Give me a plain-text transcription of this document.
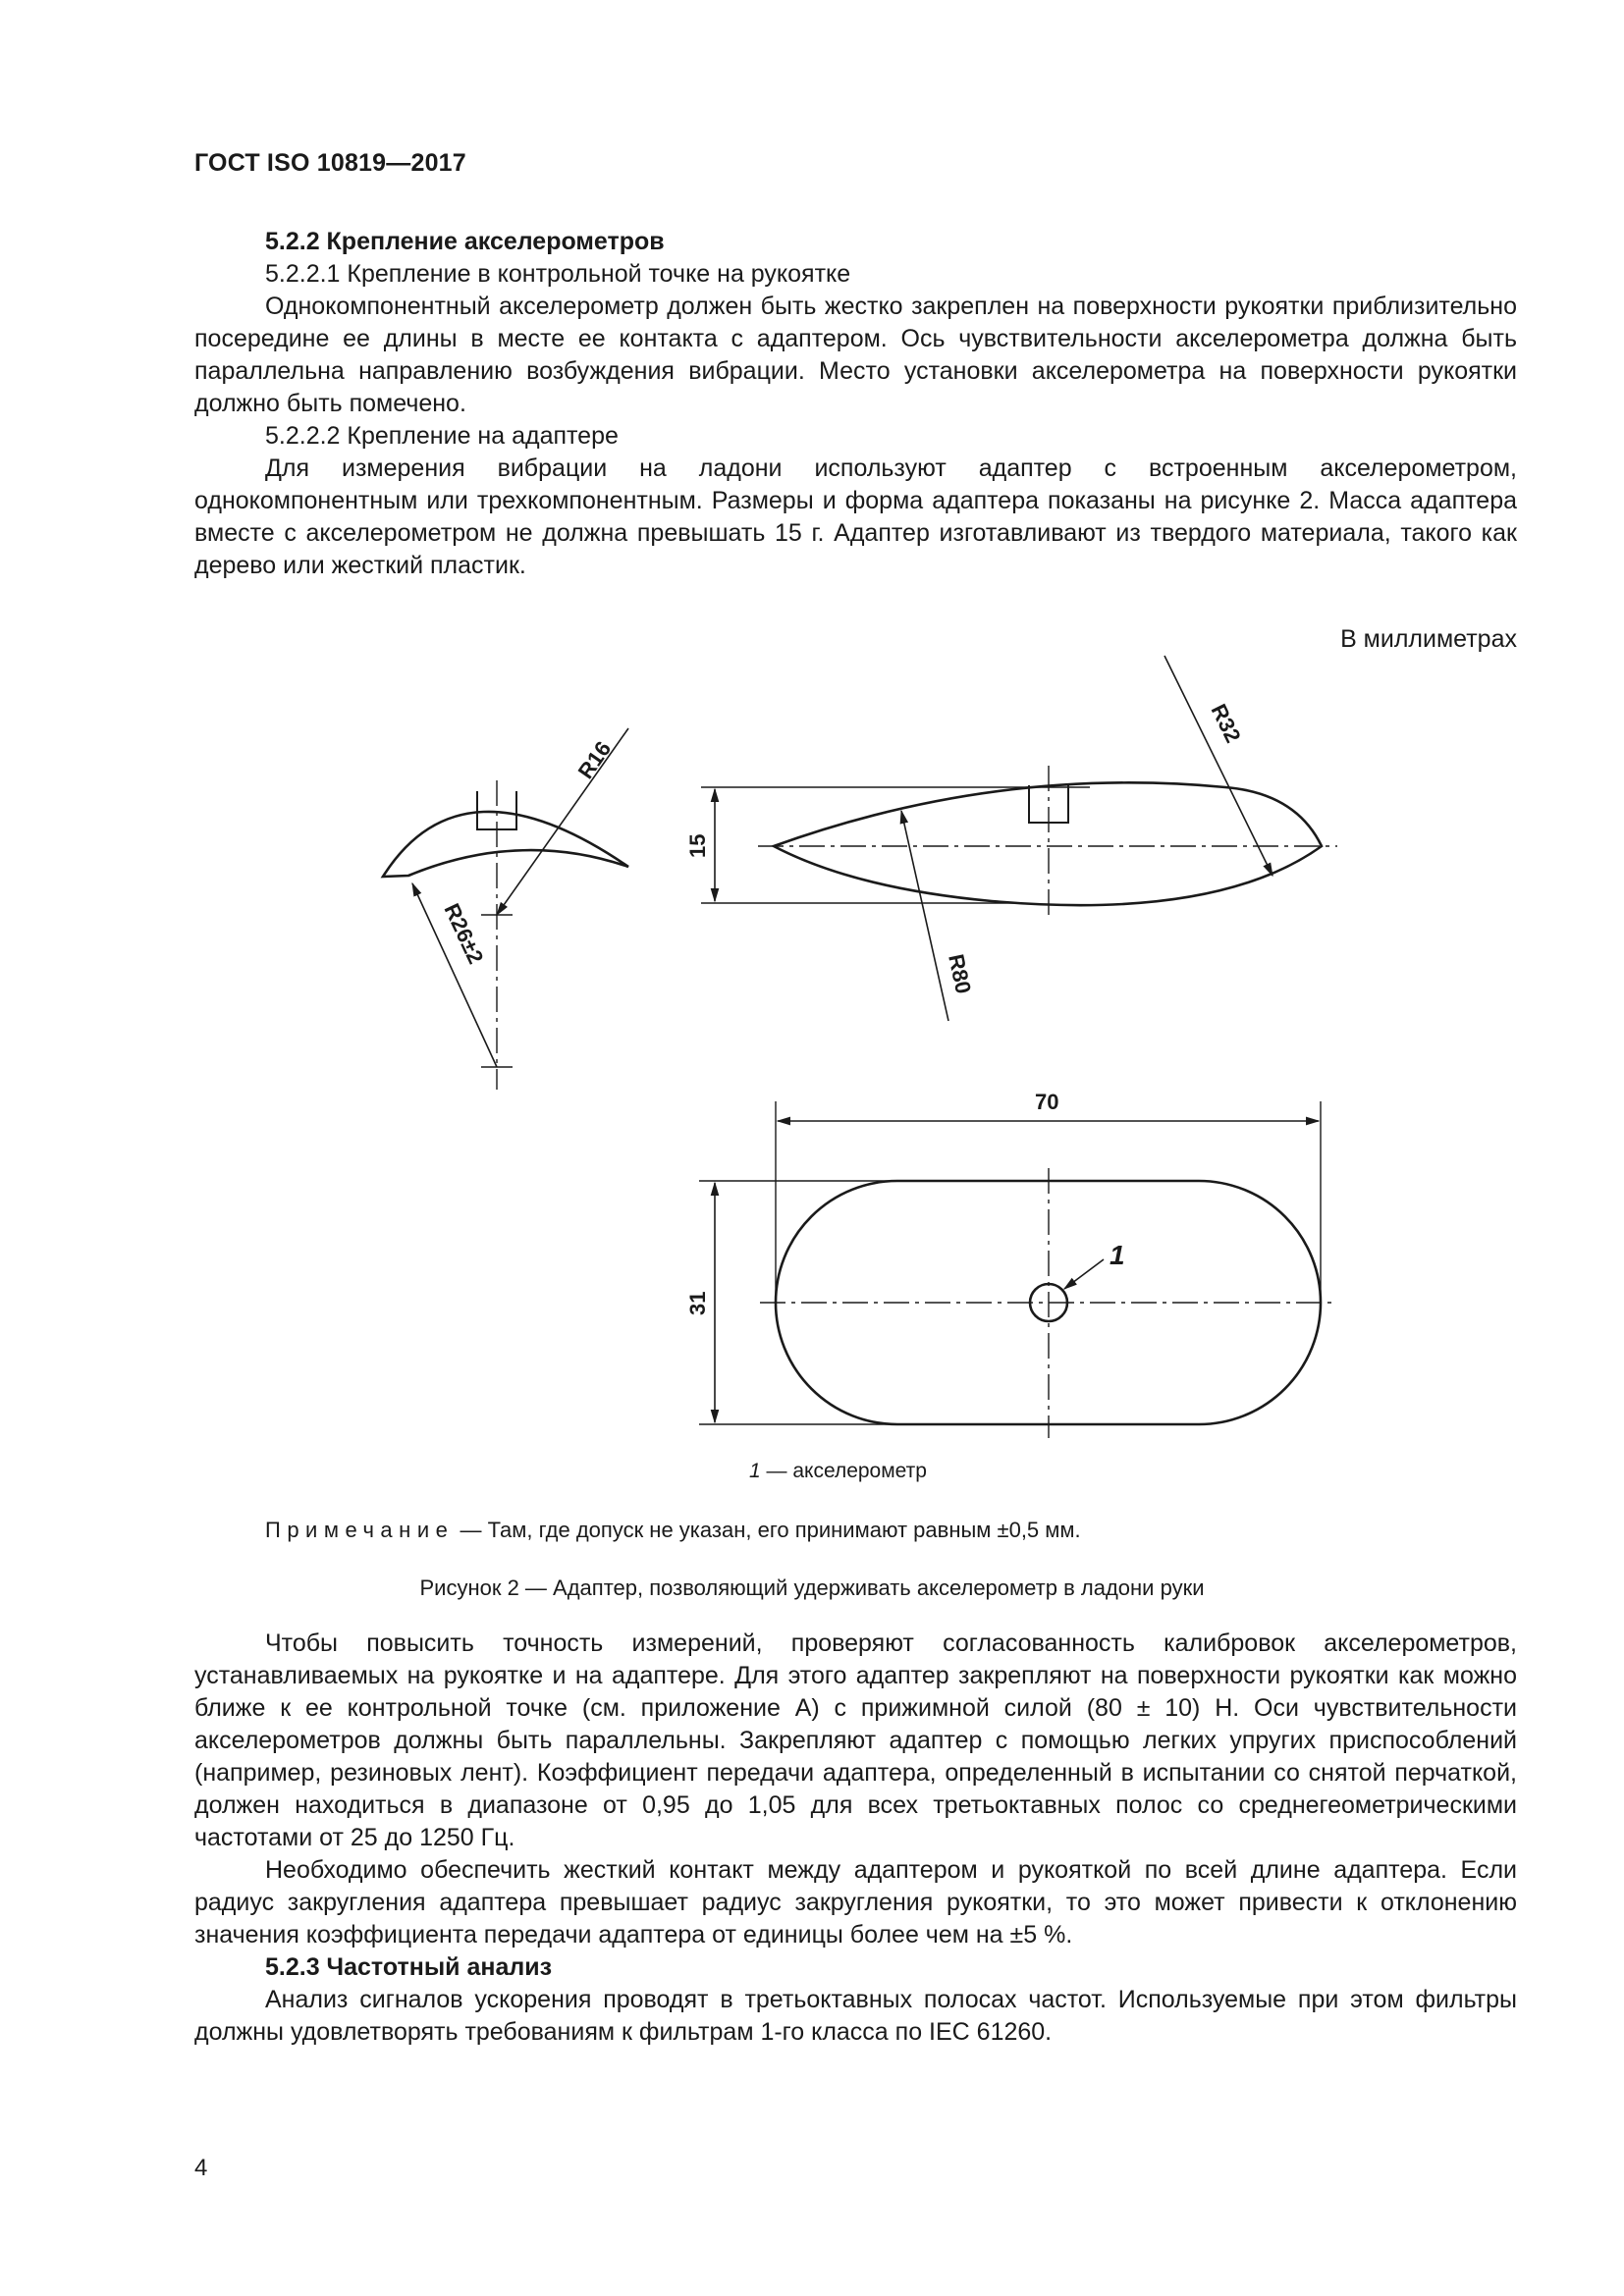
ГОСТ ISO 10819—2017

5.2.2 Крепление акселерометров

5.2.2.1 Крепление в контрольной точке на рукоятке

Однокомпонентный акселерометр должен быть жестко закреплен на поверхности рукоятки приблизительно посередине ее длины в месте ее контакта с адаптером. Ось чувствительности акселерометра должна быть параллельна направлению возбуждения вибрации. Место установки акселерометра на поверхности рукоятки должно быть помечено.

5.2.2.2 Крепление на адаптере

Для измерения вибрации на ладони используют адаптер с встроенным акселерометром, однокомпонентным или трехкомпонентным. Размеры и форма адаптера показаны на рисунке 2. Масса адаптера вместе с акселерометром не должна превышать 15 г. Адаптер изготавливают из твердого материала, такого как дерево или жесткий пластик.

В миллиметрах
R16
R26±2
R32
R80
15
70
31
1
1 — акселерометр
Примечание — Там, где допуск не указан, его принимают равным ±0,5 мм.
Рисунок 2 — Адаптер, позволяющий удерживать акселерометр в ладони руки

Чтобы повысить точность измерений, проверяют согласованность калибровок акселерометров, устанавливаемых на рукоятке и на адаптере. Для этого адаптер закрепляют на поверхности рукоятки как можно ближе к ее контрольной точке (см. приложение А) с прижимной силой (80 ± 10) Н. Оси чувствительности акселерометров должны быть параллельны. Закрепляют адаптер с помощью легких упругих приспособлений (например, резиновых лент). Коэффициент передачи адаптера, определенный в испытании со снятой перчаткой, должен находиться в диапазоне от 0,95 до 1,05 для всех третьоктавных полос со среднегеометрическими частотами от 25 до 1250 Гц.

Необходимо обеспечить жесткий контакт между адаптером и рукояткой по всей длине адаптера. Если радиус закругления адаптера превышает радиус закругления рукоятки, то это может привести к отклонению значения коэффициента передачи адаптера от единицы более чем на ±5 %.

5.2.3 Частотный анализ

Анализ сигналов ускорения проводят в третьоктавных полосах частот. Используемые при этом фильтры должны удовлетворять требованиям к фильтрам 1-го класса по IEC 61260.

4
